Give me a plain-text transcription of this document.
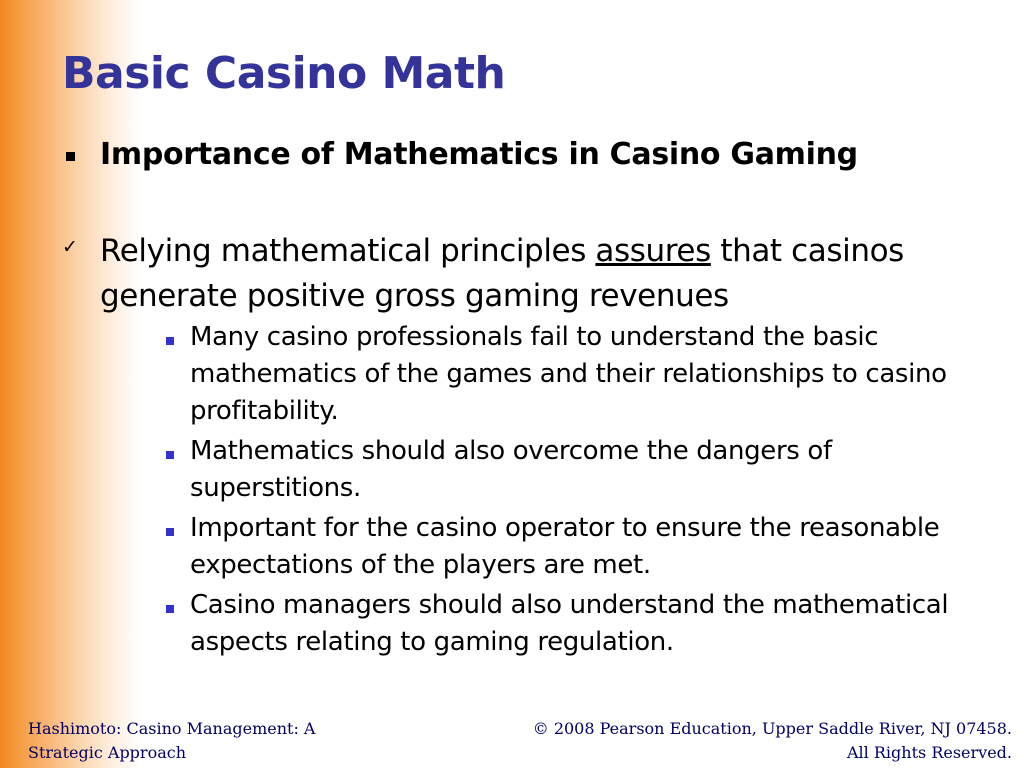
Basic Casino Math
Importance of Mathematics in Casino Gaming
✓ Relying mathematical principles assures that casinos generate positive gross gaming revenues
Many casino professionals fail to understand the basic mathematics of the games and their relationships to casino profitability.
Mathematics should also overcome the dangers of superstitions.
Important for the casino operator to ensure the reasonable expectations of the players are met.
Casino managers should also understand the mathematical aspects relating to gaming regulation.
Hashimoto: Casino Management: A Strategic Approach
© 2008 Pearson Education, Upper Saddle River, NJ 07458.
All Rights Reserved.
